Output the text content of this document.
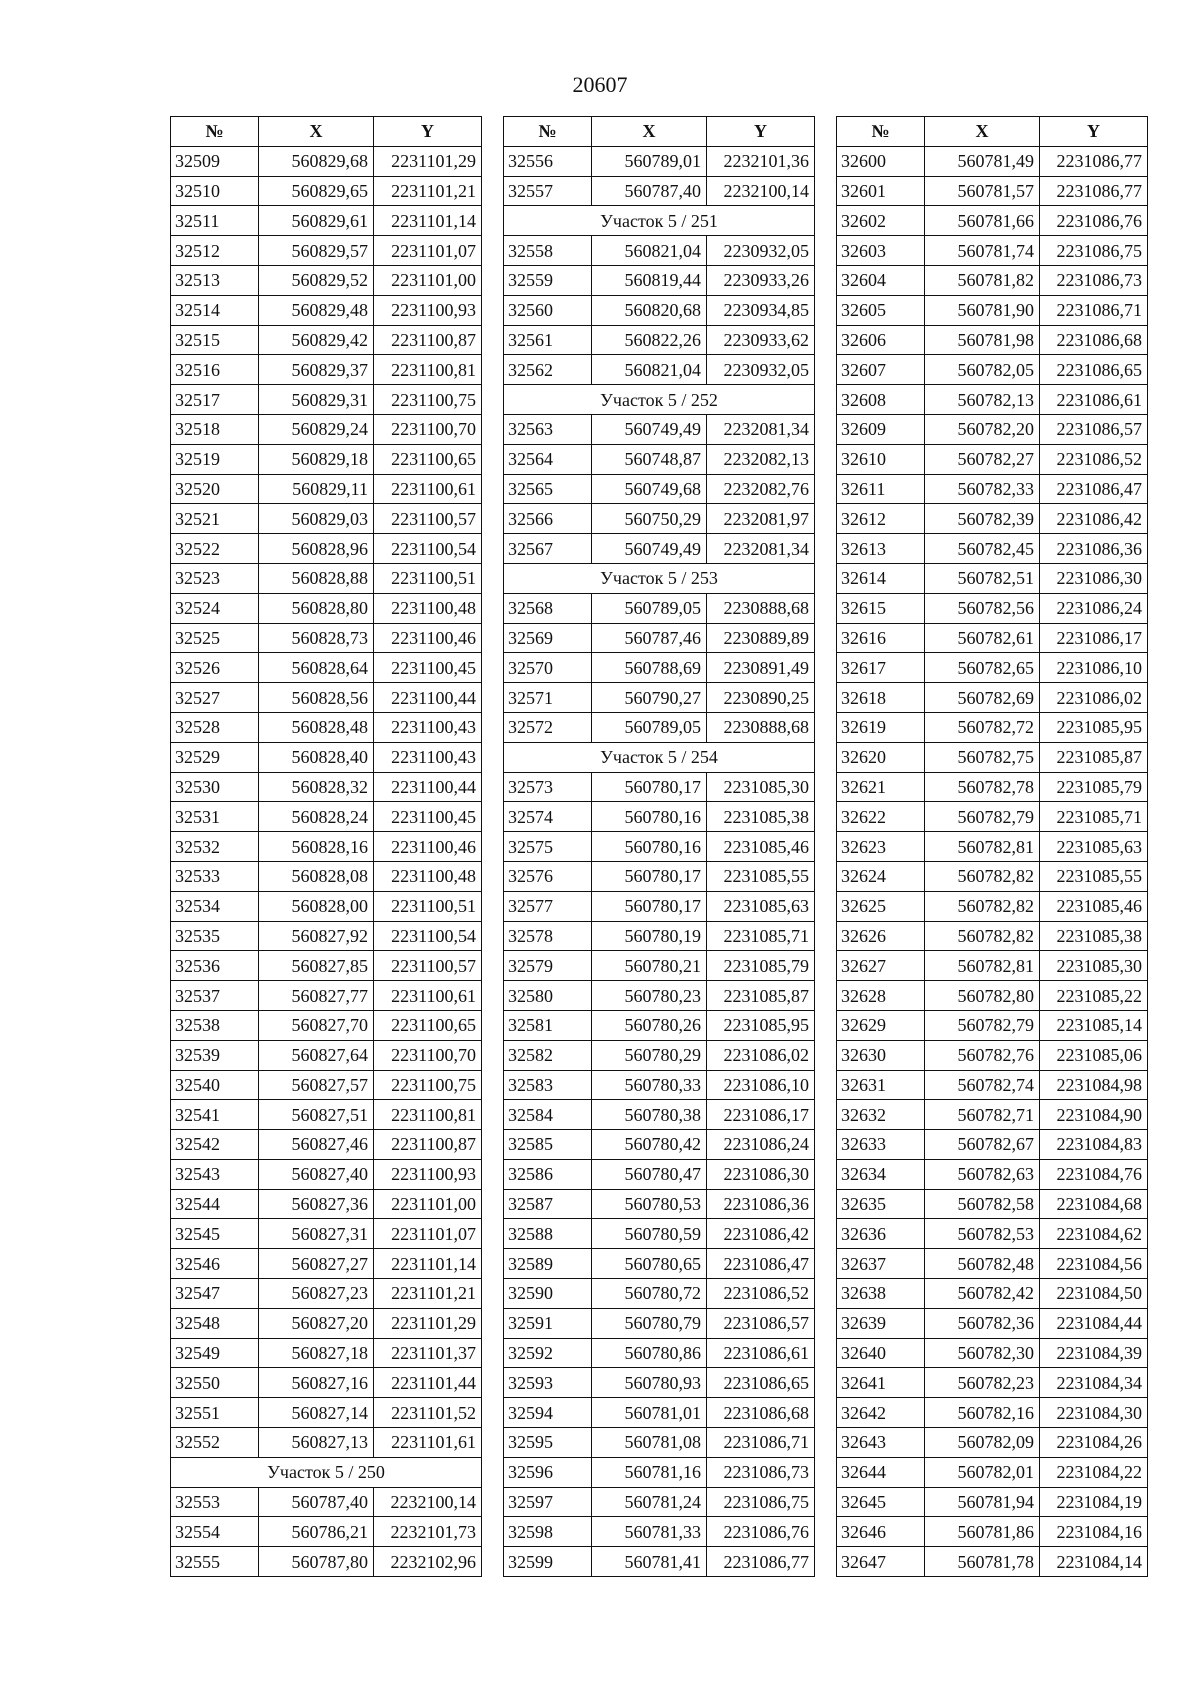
20607
№	X	Y
32509	560829,68	2231101,29
32510	560829,65	2231101,21
32511	560829,61	2231101,14
32512	560829,57	2231101,07
32513	560829,52	2231101,00
32514	560829,48	2231100,93
32515	560829,42	2231100,87
32516	560829,37	2231100,81
32517	560829,31	2231100,75
32518	560829,24	2231100,70
32519	560829,18	2231100,65
32520	560829,11	2231100,61
32521	560829,03	2231100,57
32522	560828,96	2231100,54
32523	560828,88	2231100,51
32524	560828,80	2231100,48
32525	560828,73	2231100,46
32526	560828,64	2231100,45
32527	560828,56	2231100,44
32528	560828,48	2231100,43
32529	560828,40	2231100,43
32530	560828,32	2231100,44
32531	560828,24	2231100,45
32532	560828,16	2231100,46
32533	560828,08	2231100,48
32534	560828,00	2231100,51
32535	560827,92	2231100,54
32536	560827,85	2231100,57
32537	560827,77	2231100,61
32538	560827,70	2231100,65
32539	560827,64	2231100,70
32540	560827,57	2231100,75
32541	560827,51	2231100,81
32542	560827,46	2231100,87
32543	560827,40	2231100,93
32544	560827,36	2231101,00
32545	560827,31	2231101,07
32546	560827,27	2231101,14
32547	560827,23	2231101,21
32548	560827,20	2231101,29
32549	560827,18	2231101,37
32550	560827,16	2231101,44
32551	560827,14	2231101,52
32552	560827,13	2231101,61
Участок 5 / 250		
32553	560787,40	2232100,14
32554	560786,21	2232101,73
32555	560787,80	2232102,96
№	X	Y
32556	560789,01	2232101,36
32557	560787,40	2232100,14
Участок 5 / 251		
32558	560821,04	2230932,05
32559	560819,44	2230933,26
32560	560820,68	2230934,85
32561	560822,26	2230933,62
32562	560821,04	2230932,05
Участок 5 / 252		
32563	560749,49	2232081,34
32564	560748,87	2232082,13
32565	560749,68	2232082,76
32566	560750,29	2232081,97
32567	560749,49	2232081,34
Участок 5 / 253		
32568	560789,05	2230888,68
32569	560787,46	2230889,89
32570	560788,69	2230891,49
32571	560790,27	2230890,25
32572	560789,05	2230888,68
Участок 5 / 254		
32573	560780,17	2231085,30
32574	560780,16	2231085,38
32575	560780,16	2231085,46
32576	560780,17	2231085,55
32577	560780,17	2231085,63
32578	560780,19	2231085,71
32579	560780,21	2231085,79
32580	560780,23	2231085,87
32581	560780,26	2231085,95
32582	560780,29	2231086,02
32583	560780,33	2231086,10
32584	560780,38	2231086,17
32585	560780,42	2231086,24
32586	560780,47	2231086,30
32587	560780,53	2231086,36
32588	560780,59	2231086,42
32589	560780,65	2231086,47
32590	560780,72	2231086,52
32591	560780,79	2231086,57
32592	560780,86	2231086,61
32593	560780,93	2231086,65
32594	560781,01	2231086,68
32595	560781,08	2231086,71
32596	560781,16	2231086,73
32597	560781,24	2231086,75
32598	560781,33	2231086,76
32599	560781,41	2231086,77
№	X	Y
32600	560781,49	2231086,77
32601	560781,57	2231086,77
32602	560781,66	2231086,76
32603	560781,74	2231086,75
32604	560781,82	2231086,73
32605	560781,90	2231086,71
32606	560781,98	2231086,68
32607	560782,05	2231086,65
32608	560782,13	2231086,61
32609	560782,20	2231086,57
32610	560782,27	2231086,52
32611	560782,33	2231086,47
32612	560782,39	2231086,42
32613	560782,45	2231086,36
32614	560782,51	2231086,30
32615	560782,56	2231086,24
32616	560782,61	2231086,17
32617	560782,65	2231086,10
32618	560782,69	2231086,02
32619	560782,72	2231085,95
32620	560782,75	2231085,87
32621	560782,78	2231085,79
32622	560782,79	2231085,71
32623	560782,81	2231085,63
32624	560782,82	2231085,55
32625	560782,82	2231085,46
32626	560782,82	2231085,38
32627	560782,81	2231085,30
32628	560782,80	2231085,22
32629	560782,79	2231085,14
32630	560782,76	2231085,06
32631	560782,74	2231084,98
32632	560782,71	2231084,90
32633	560782,67	2231084,83
32634	560782,63	2231084,76
32635	560782,58	2231084,68
32636	560782,53	2231084,62
32637	560782,48	2231084,56
32638	560782,42	2231084,50
32639	560782,36	2231084,44
32640	560782,30	2231084,39
32641	560782,23	2231084,34
32642	560782,16	2231084,30
32643	560782,09	2231084,26
32644	560782,01	2231084,22
32645	560781,94	2231084,19
32646	560781,86	2231084,16
32647	560781,78	2231084,14
